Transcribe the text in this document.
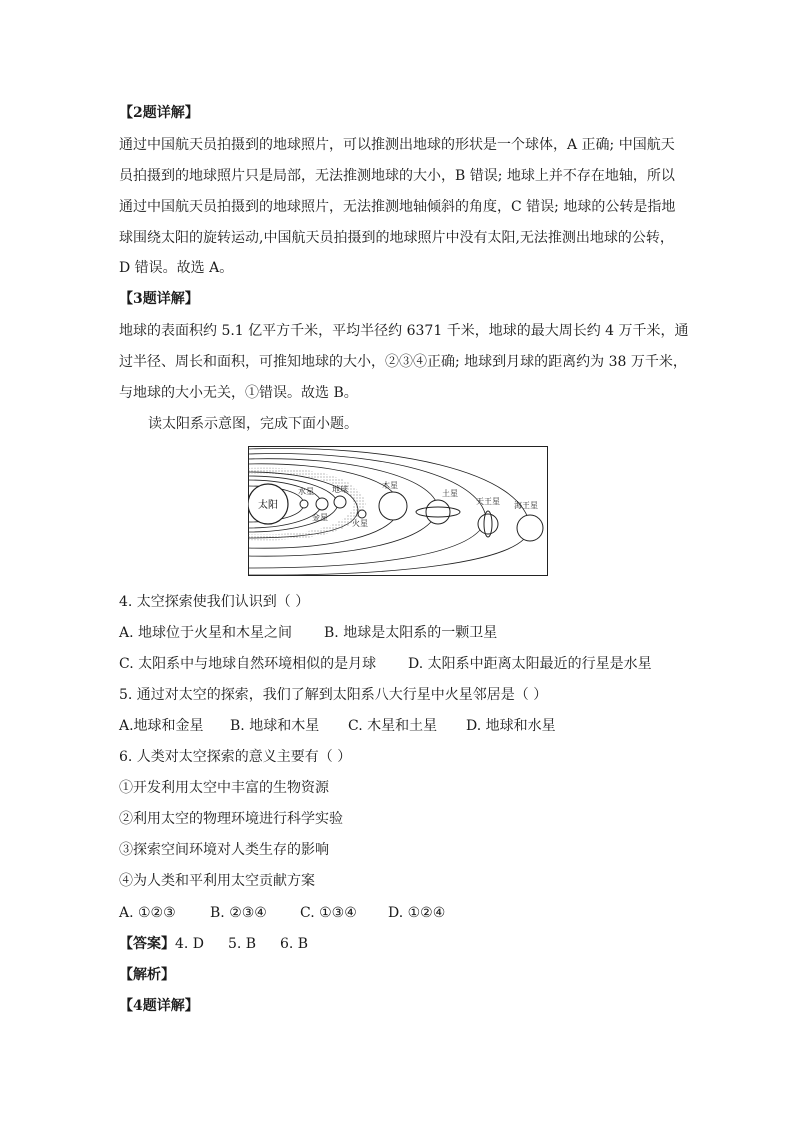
【2题详解】
通过中国航天员拍摄到的地球照片，可以推测出地球的形状是一个球体，A 正确; 中国航天
员拍摄到的地球照片只是局部，无法推测地球的大小，B 错误; 地球上并不存在地轴，所以
通过中国航天员拍摄到的地球照片，无法推测地轴倾斜的角度，C 错误; 地球的公转是指地
球围绕太阳的旋转运动,中国航天员拍摄到的地球照片中没有太阳,无法推测出地球的公转，
D 错误。故选 A。
【3题详解】
地球的表面积约 5.1 亿平方千米，平均半径约 6371 千米，地球的最大周长约 4 万千米，通
过半径、周长和面积，可推知地球的大小，②③④正确; 地球到月球的距离约为 38 万千米，
与地球的大小无关，①错误。故选 B。
读太阳系示意图，完成下面小题。
太阳
水星
金星
地球
火星
木星
土星
天王星 海王星
4. 太空探索使我们认识到（ ）
A. 地球位于火星和木星之间 B. 地球是太阳系的一颗卫星
C. 太阳系中与地球自然环境相似的是月球 D. 太阳系中距离太阳最近的行星是水星
5. 通过对太空的探索，我们了解到太阳系八大行星中火星邻居是（ ）
A.地球和金星 B. 地球和木星 C. 木星和土星 D. 地球和水星
6. 人类对太空探索的意义主要有（ ）
①开发利用太空中丰富的生物资源
②利用太空的物理环境进行科学实验
③探索空间环境对人类生存的影响
④为人类和平利用太空贡献方案
A. ①②③ B. ②③④ C. ①③④ D. ①②④
【答案】 4. D 5. B 6. B
【解析】
【4题详解】
